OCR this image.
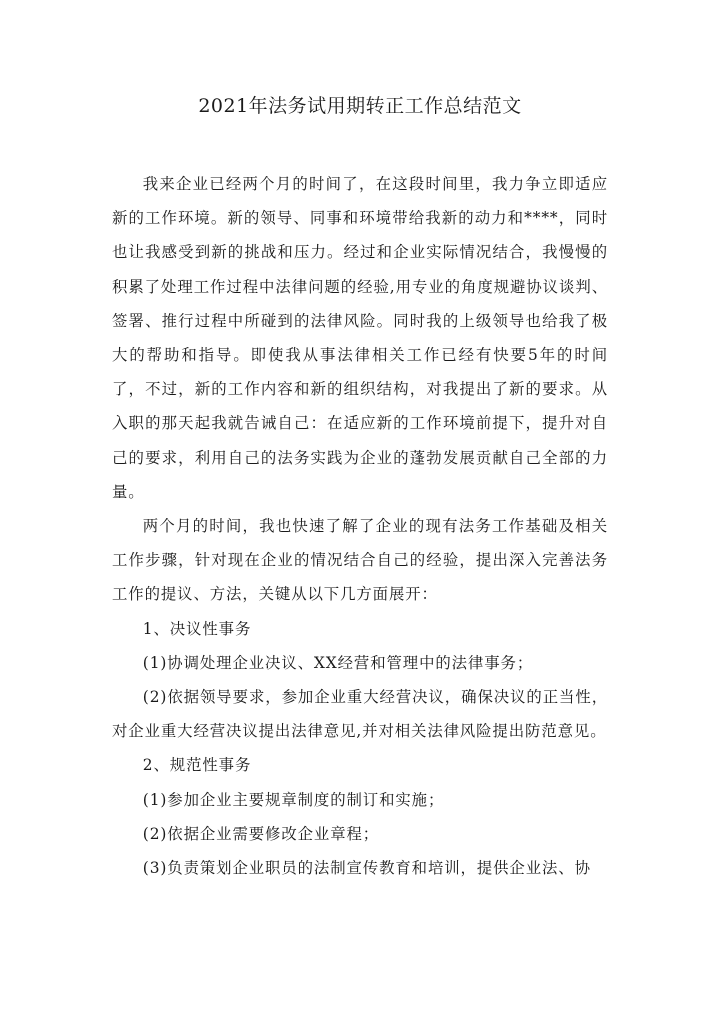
2021年法务试用期转正工作总结范文

我来企业已经两个月的时间了，在这段时间里，我力争立即适应新的工作环境。新的领导、同事和环境带给我新的动力和****，同时也让我感受到新的挑战和压力。经过和企业实际情况结合，我慢慢的积累了处理工作过程中法律问题的经验,用专业的角度规避协议谈判、签署、推行过程中所碰到的法律风险。同时我的上级领导也给我了极大的帮助和指导。即使我从事法律相关工作已经有快要5年的时间了，不过，新的工作内容和新的组织结构，对我提出了新的要求。从入职的那天起我就告诫自己：在适应新的工作环境前提下，提升对自己的要求，利用自己的法务实践为企业的蓬勃发展贡献自己全部的力量。

两个月的时间，我也快速了解了企业的现有法务工作基础及相关工作步骤，针对现在企业的情况结合自己的经验，提出深入完善法务工作的提议、方法，关键从以下几方面展开：

1、决议性事务

(1)协调处理企业决议、XX经营和管理中的法律事务；

(2)依据领导要求，参加企业重大经营决议，确保决议的正当性，对企业重大经营决议提出法律意见,并对相关法律风险提出防范意见。

2、规范性事务

(1)参加企业主要规章制度的制订和实施；

(2)依据企业需要修改企业章程；

(3)负责策划企业职员的法制宣传教育和培训，提供企业法、协
